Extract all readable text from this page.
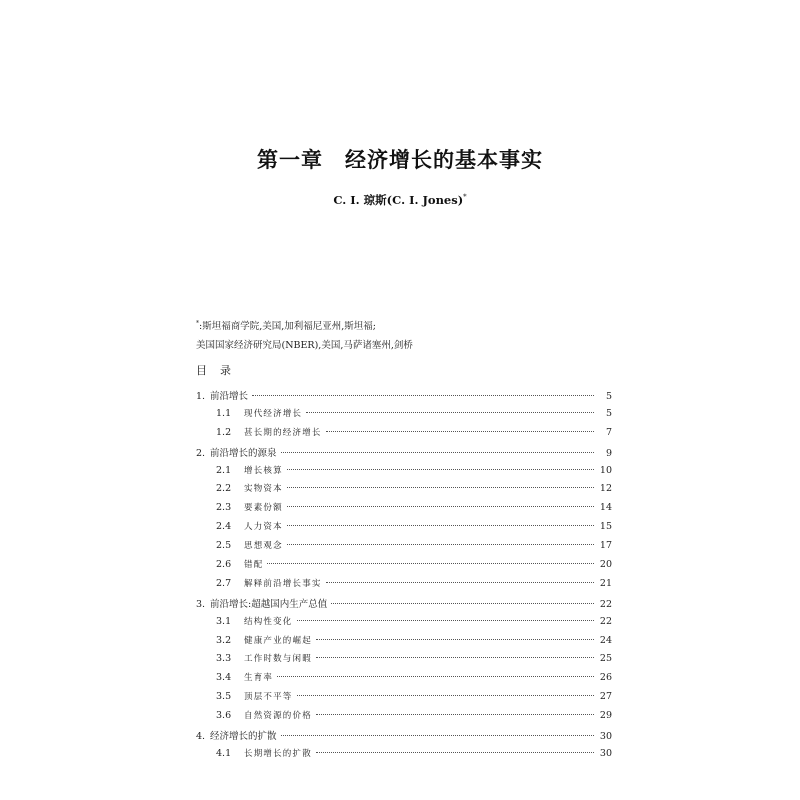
第一章 经济增长的基本事实
C. I. 琼斯(C. I. Jones)*
*:斯坦福商学院,美国,加利福尼亚州,斯坦福;
美国国家经济研究局(NBER),美国,马萨诸塞州,剑桥
目 录
1. 前沿增长	5
1.1	现代经济增长	5
1.2	甚长期的经济增长	7
2. 前沿增长的源泉	9
2.1	增长核算	10
2.2	实物资本	12
2.3	要素份额	14
2.4	人力资本	15
2.5	思想观念	17
2.6	错配	20
2.7	解释前沿增长事实	21
3. 前沿增长:超越国内生产总值	22
3.1	结构性变化	22
3.2	健康产业的崛起	24
3.3	工作时数与闲暇	25
3.4	生育率	26
3.5	顶层不平等	27
3.6	自然资源的价格	29
4. 经济增长的扩散	30
4.1	长期增长的扩散	30
